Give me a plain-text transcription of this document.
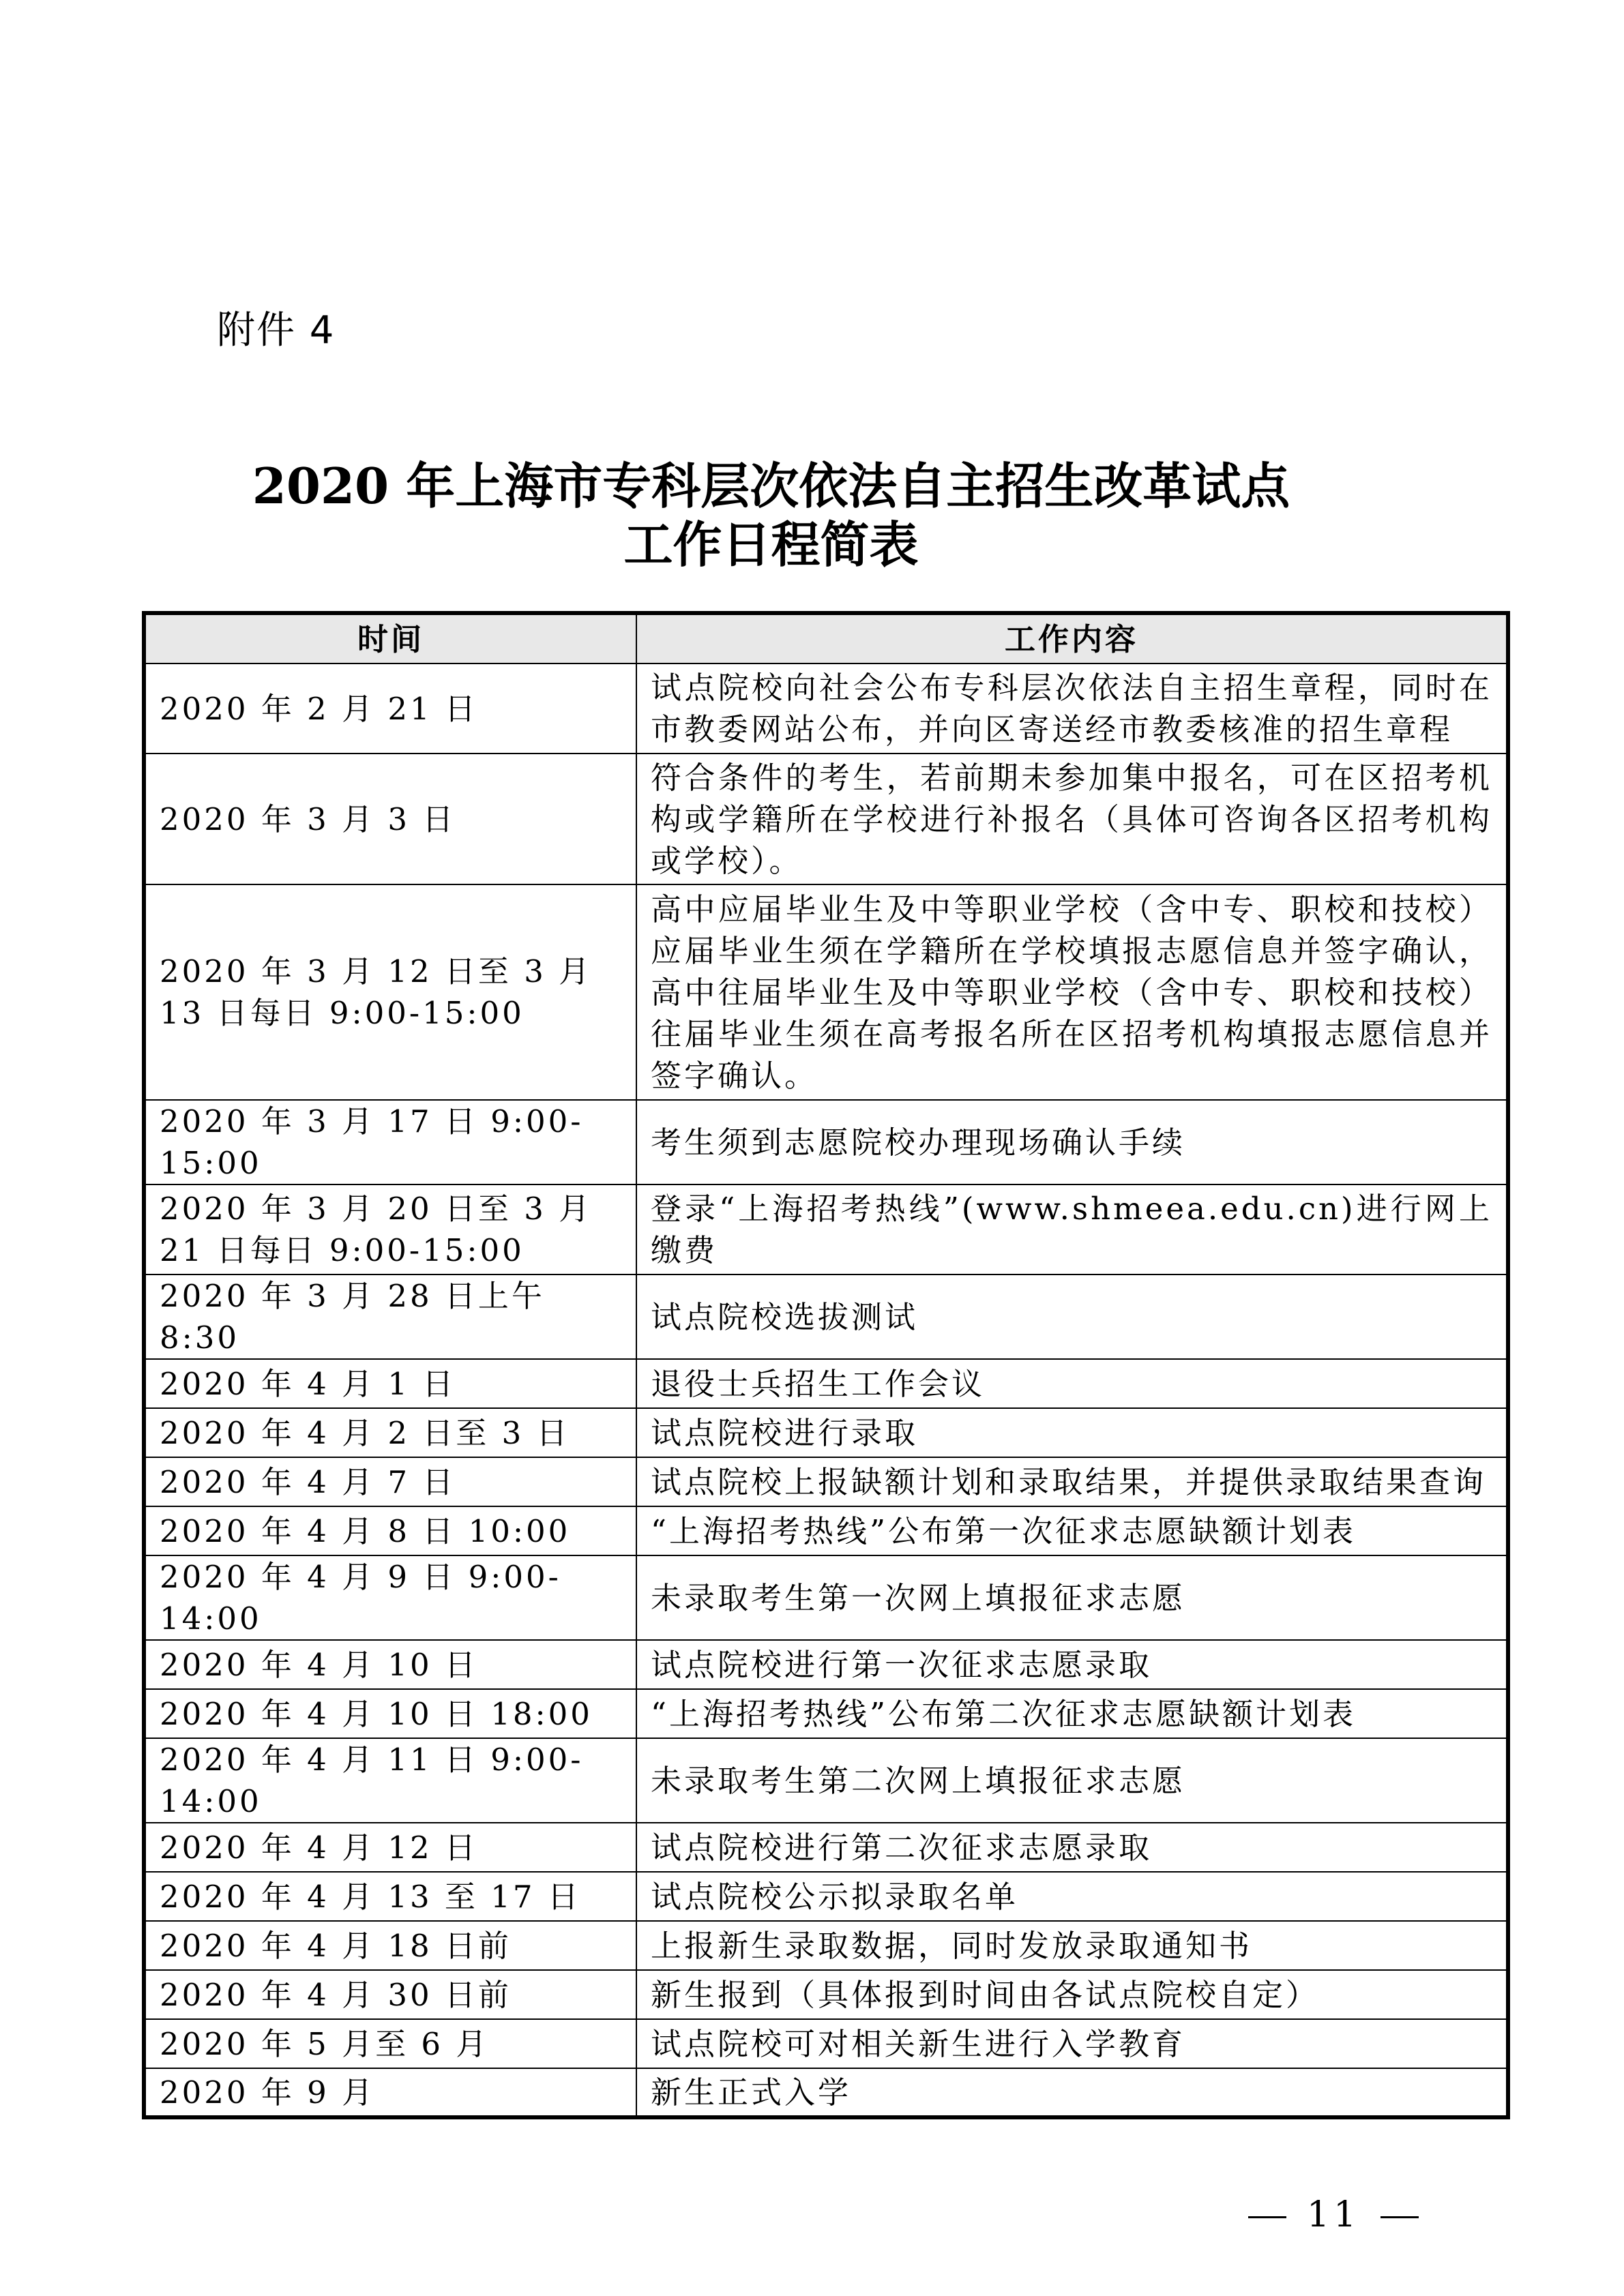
附件 4
2020 年上海市专科层次依法自主招生改革试点
工作日程简表
时间	工作内容
2020 年 2 月 21 日	试点院校向社会公布专科层次依法自主招生章程，同时在市教委网站公布，并向区寄送经市教委核准的招生章程
2020 年 3 月 3 日	符合条件的考生，若前期未参加集中报名，可在区招考机构或学籍所在学校进行补报名（具体可咨询各区招考机构或学校）。
2020 年 3 月 12 日至 3 月 13 日每日 9:00-15:00	高中应届毕业生及中等职业学校（含中专、职校和技校）应届毕业生须在学籍所在学校填报志愿信息并签字确认，高中往届毕业生及中等职业学校（含中专、职校和技校）往届毕业生须在高考报名所在区招考机构填报志愿信息并签字确认。
2020 年 3 月 17 日 9:00-15:00	考生须到志愿院校办理现场确认手续
2020 年 3 月 20 日至 3 月 21 日每日 9:00-15:00	登录“上海招考热线”(www.shmeea.edu.cn)进行网上缴费
2020 年 3 月 28 日上午 8:30	试点院校选拔测试
2020 年 4 月 1 日	退役士兵招生工作会议
2020 年 4 月 2 日至 3 日	试点院校进行录取
2020 年 4 月 7 日	试点院校上报缺额计划和录取结果，并提供录取结果查询
2020 年 4 月 8 日 10:00	“上海招考热线”公布第一次征求志愿缺额计划表
2020 年 4 月 9 日 9:00-14:00	未录取考生第一次网上填报征求志愿
2020 年 4 月 10 日	试点院校进行第一次征求志愿录取
2020 年 4 月 10 日 18:00	“上海招考热线”公布第二次征求志愿缺额计划表
2020 年 4 月 11 日 9:00-14:00	未录取考生第二次网上填报征求志愿
2020 年 4 月 12 日	试点院校进行第二次征求志愿录取
2020 年 4 月 13 至 17 日	试点院校公示拟录取名单
2020 年 4 月 18 日前	上报新生录取数据，同时发放录取通知书
2020 年 4 月 30 日前	新生报到（具体报到时间由各试点院校自定）
2020 年 5 月至 6 月	试点院校可对相关新生进行入学教育
2020 年 9 月	新生正式入学
11
